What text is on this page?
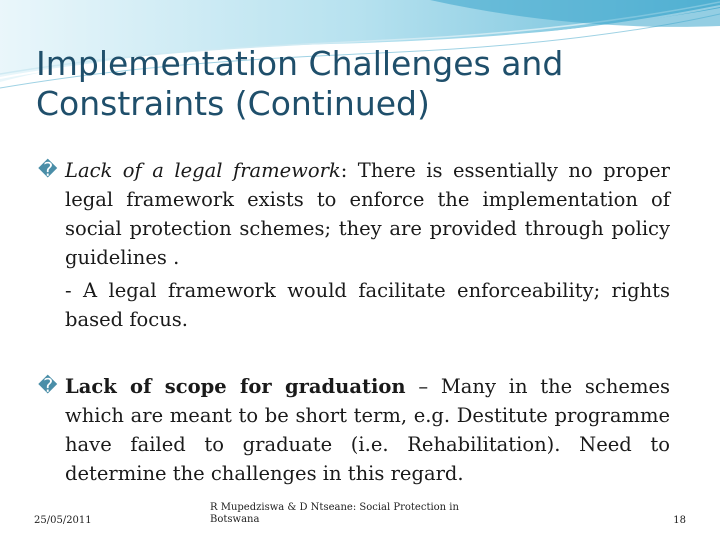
Implementation Challenges and
Constraints (Continued)
� Lack of a legal framework: There is essentially no proper legal framework exists to enforce the implementation of social protection schemes; they are provided through policy guidelines .
- A legal framework would facilitate enforceability; rights based focus.
� Lack of scope for graduation – Many in the schemes which are meant to be short term, e.g. Destitute programme have failed to graduate (i.e. Rehabilitation). Need to determine the challenges in this regard.
25/05/2011
R Mupedziswa & D Ntseane: Social Protection in Botswana	18
